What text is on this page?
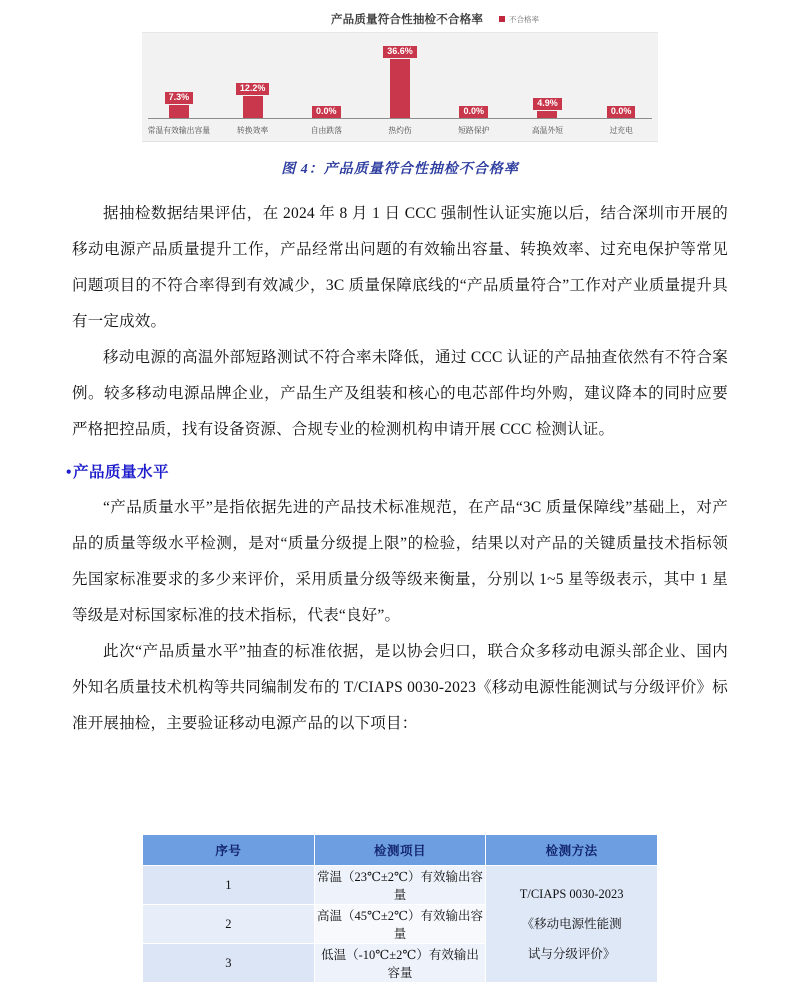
产品质量符合性抽检不合格率	不合格率
7.3%
12.2%
0.0%
36.6%
0.0%
4.9%
0.0%
常温有效输出容量	转换效率	自由跌落	热灼伤	短路保护	高温外短	过充电
图 4：产品质量符合性抽检不合格率

据抽检数据结果评估，在 2024 年 8 月 1 日 CCC 强制性认证实施以后，结合深圳市开展的移动电源产品质量提升工作，产品经常出问题的有效输出容量、转换效率、过充电保护等常见问题项目的不符合率得到有效减少，3C 质量保障底线的“产品质量符合”工作对产业质量提升具有一定成效。

移动电源的高温外部短路测试不符合率未降低，通过 CCC 认证的产品抽查依然有不符合案例。较多移动电源品牌企业，产品生产及组装和核心的电芯部件均外购，建议降本的同时应要严格把控品质，找有设备资源、合规专业的检测机构申请开展 CCC 检测认证。

•产品质量水平

“产品质量水平”是指依据先进的产品技术标准规范，在产品“3C 质量保障线”基础上，对产品的质量等级水平检测，是对“质量分级提上限”的检验，结果以对产品的关键质量技术指标领先国家标准要求的多少来评价，采用质量分级等级来衡量，分别以 1~5 星等级表示，其中 1 星等级是对标国家标准的技术指标，代表“良好”。

此次“产品质量水平”抽查的标准依据，是以协会归口，联合众多移动电源头部企业、国内外知名质量技术机构等共同编制发布的 T/CIAPS 0030-2023《移动电源性能测试与分级评价》标准开展抽检，主要验证移动电源产品的以下项目：

序号	检测项目	检测方法
1	常温（23℃±2℃）有效输出容量	T/CIAPS 0030-2023
《移动电源性能测
试与分级评价》

2	高温（45℃±2℃）有效输出容量	
3	低温（-10℃±2℃）有效输出容量	
